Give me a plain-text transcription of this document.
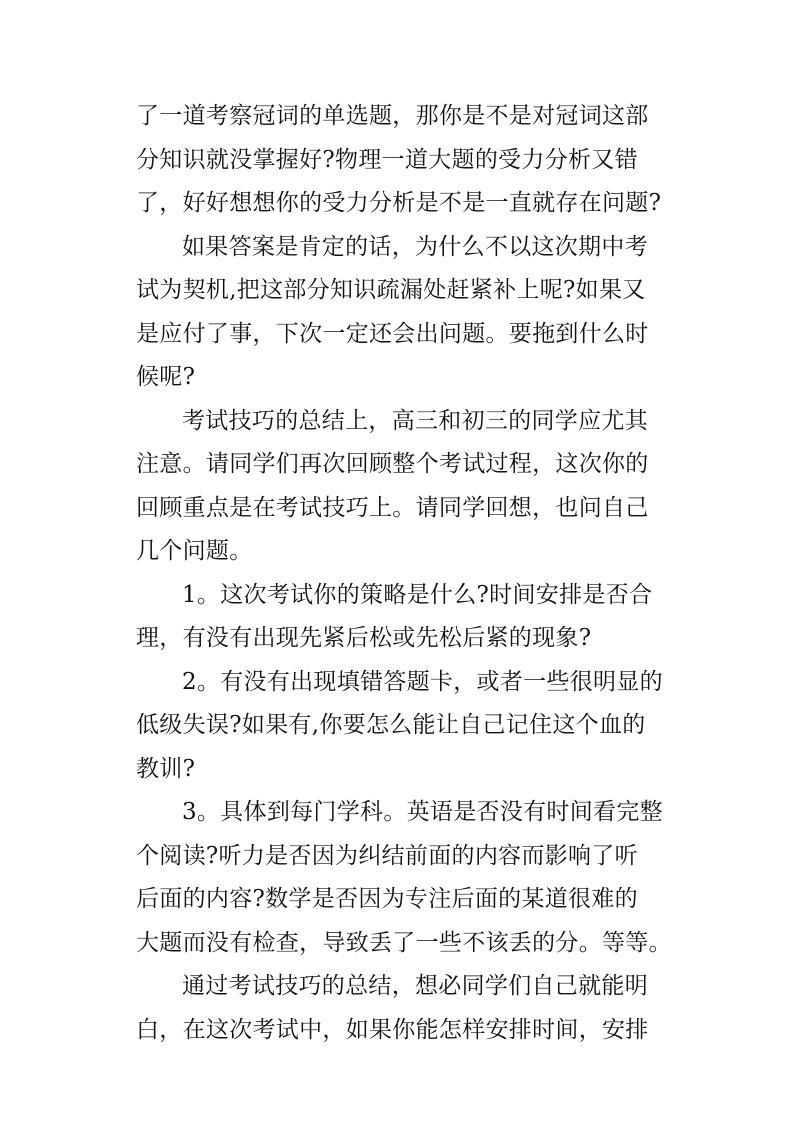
了一道考察冠词的单选题，那你是不是对冠词这部
分知识就没掌握好?物理一道大题的受力分析又错
了，好好想想你的受力分析是不是一直就存在问题?
如果答案是肯定的话，为什么不以这次期中考
试为契机,把这部分知识疏漏处赶紧补上呢?如果又
是应付了事，下次一定还会出问题。要拖到什么时
候呢?
考试技巧的总结上，高三和初三的同学应尤其
注意。请同学们再次回顾整个考试过程，这次你的
回顾重点是在考试技巧上。请同学回想，也问自己
几个问题。
1。这次考试你的策略是什么?时间安排是否合
理，有没有出现先紧后松或先松后紧的现象?
2。有没有出现填错答题卡，或者一些很明显的
低级失误?如果有,你要怎么能让自己记住这个血的
教训?
3。具体到每门学科。英语是否没有时间看完整
个阅读?听力是否因为纠结前面的内容而影响了听
后面的内容?数学是否因为专注后面的某道很难的
大题而没有检查，导致丢了一些不该丢的分。等等。
通过考试技巧的总结，想必同学们自己就能明
白，在这次考试中，如果你能怎样安排时间，安排
